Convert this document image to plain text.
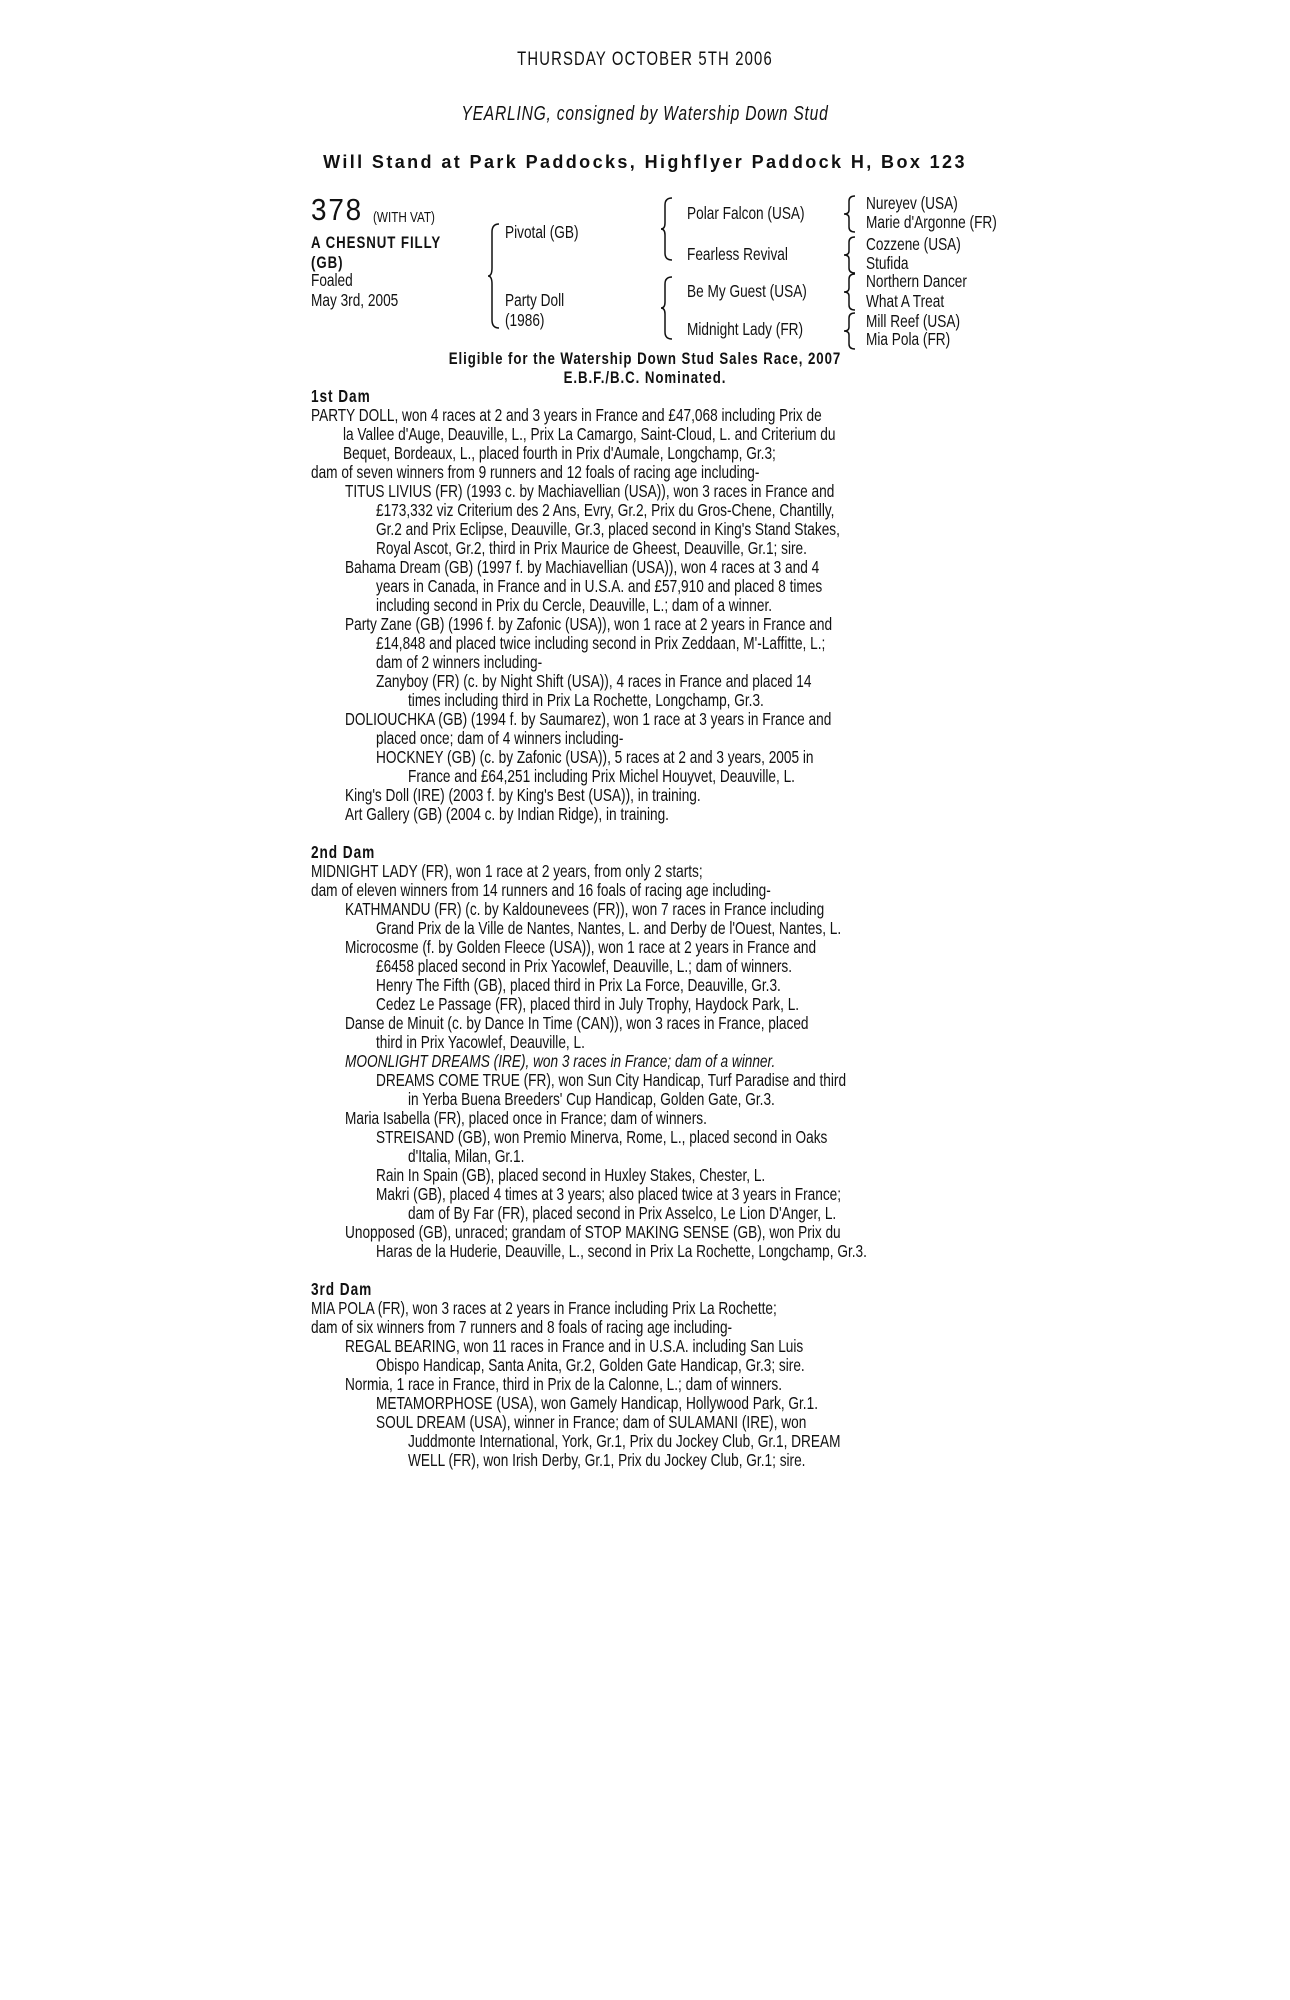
THURSDAY OCTOBER 5TH 2006
YEARLING, consigned by Watership Down Stud
Will Stand at Park Paddocks, Highflyer Paddock H, Box 123
378 (WITH VAT)
A CHESNUT FILLY
(GB)
Foaled
May 3rd, 2005
Pivotal (GB)
Party Doll
(1986)
Polar Falcon (USA)
Fearless Revival
Be My Guest (USA)
Midnight Lady (FR)
Nureyev (USA)
Marie d'Argonne (FR)
Cozzene (USA)
Stufida
Northern Dancer
What A Treat
Mill Reef (USA)
Mia Pola (FR)
Eligible for the Watership Down Stud Sales Race, 2007
E.B.F./B.C. Nominated.
1st Dam
PARTY DOLL, won 4 races at 2 and 3 years in France and £47,068 including Prix de
la Vallee d'Auge, Deauville, L., Prix La Camargo, Saint-Cloud, L. and Criterium du
Bequet, Bordeaux, L., placed fourth in Prix d'Aumale, Longchamp, Gr.3;
dam of seven winners from 9 runners and 12 foals of racing age including-
TITUS LIVIUS (FR) (1993 c. by Machiavellian (USA)), won 3 races in France and
£173,332 viz Criterium des 2 Ans, Evry, Gr.2, Prix du Gros-Chene, Chantilly,
Gr.2 and Prix Eclipse, Deauville, Gr.3, placed second in King's Stand Stakes,
Royal Ascot, Gr.2, third in Prix Maurice de Gheest, Deauville, Gr.1; sire.
Bahama Dream (GB) (1997 f. by Machiavellian (USA)), won 4 races at 3 and 4
years in Canada, in France and in U.S.A. and £57,910 and placed 8 times
including second in Prix du Cercle, Deauville, L.; dam of a winner.
Party Zane (GB) (1996 f. by Zafonic (USA)), won 1 race at 2 years in France and
£14,848 and placed twice including second in Prix Zeddaan, M'-Laffitte, L.;
dam of 2 winners including-
Zanyboy (FR) (c. by Night Shift (USA)), 4 races in France and placed 14
times including third in Prix La Rochette, Longchamp, Gr.3.
DOLIOUCHKA (GB) (1994 f. by Saumarez), won 1 race at 3 years in France and
placed once; dam of 4 winners including-
HOCKNEY (GB) (c. by Zafonic (USA)), 5 races at 2 and 3 years, 2005 in
France and £64,251 including Prix Michel Houyvet, Deauville, L.
King's Doll (IRE) (2003 f. by King's Best (USA)), in training.
Art Gallery (GB) (2004 c. by Indian Ridge), in training.
2nd Dam
MIDNIGHT LADY (FR), won 1 race at 2 years, from only 2 starts;
dam of eleven winners from 14 runners and 16 foals of racing age including-
KATHMANDU (FR) (c. by Kaldounevees (FR)), won 7 races in France including
Grand Prix de la Ville de Nantes, Nantes, L. and Derby de l'Ouest, Nantes, L.
Microcosme (f. by Golden Fleece (USA)), won 1 race at 2 years in France and
£6458 placed second in Prix Yacowlef, Deauville, L.; dam of winners.
Henry The Fifth (GB), placed third in Prix La Force, Deauville, Gr.3.
Cedez Le Passage (FR), placed third in July Trophy, Haydock Park, L.
Danse de Minuit (c. by Dance In Time (CAN)), won 3 races in France, placed
third in Prix Yacowlef, Deauville, L.
MOONLIGHT DREAMS (IRE), won 3 races in France; dam of a winner.
DREAMS COME TRUE (FR), won Sun City Handicap, Turf Paradise and third
in Yerba Buena Breeders' Cup Handicap, Golden Gate, Gr.3.
Maria Isabella (FR), placed once in France; dam of winners.
STREISAND (GB), won Premio Minerva, Rome, L., placed second in Oaks
d'Italia, Milan, Gr.1.
Rain In Spain (GB), placed second in Huxley Stakes, Chester, L.
Makri (GB), placed 4 times at 3 years; also placed twice at 3 years in France;
dam of By Far (FR), placed second in Prix Asselco, Le Lion D'Anger, L.
Unopposed (GB), unraced; grandam of STOP MAKING SENSE (GB), won Prix du
Haras de la Huderie, Deauville, L., second in Prix La Rochette, Longchamp, Gr.3.
3rd Dam
MIA POLA (FR), won 3 races at 2 years in France including Prix La Rochette;
dam of six winners from 7 runners and 8 foals of racing age including-
REGAL BEARING, won 11 races in France and in U.S.A. including San Luis
Obispo Handicap, Santa Anita, Gr.2, Golden Gate Handicap, Gr.3; sire.
Normia, 1 race in France, third in Prix de la Calonne, L.; dam of winners.
METAMORPHOSE (USA), won Gamely Handicap, Hollywood Park, Gr.1.
SOUL DREAM (USA), winner in France; dam of SULAMANI (IRE), won
Juddmonte International, York, Gr.1, Prix du Jockey Club, Gr.1, DREAM
WELL (FR), won Irish Derby, Gr.1, Prix du Jockey Club, Gr.1; sire.
